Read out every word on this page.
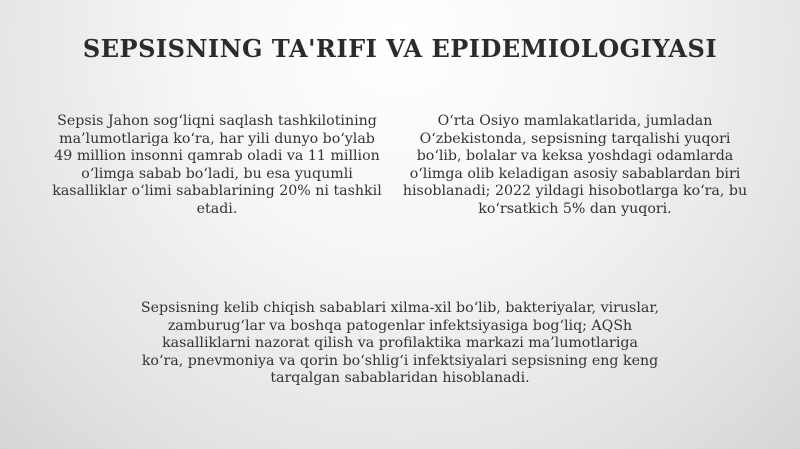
SEPSISNING TA'RIFI VA EPIDEMIOLOGIYASI

Sepsis Jahon sog‘liqni saqlash tashkilotining ma’lumotlariga ko‘ra, har yili dunyo bo‘ylab 49 million insonni qamrab oladi va 11 million o‘limga sabab bo‘ladi, bu esa yuqumli kasalliklar o‘limi sabablarining 20% ni tashkil etadi.

O‘rta Osiyo mamlakatlarida, jumladan O‘zbekistonda, sepsisning tarqalishi yuqori bo‘lib, bolalar va keksa yoshdagi odamlarda o‘limga olib keladigan asosiy sabablardan biri hisoblanadi; 2022 yildagi hisobotlarga ko‘ra, bu ko‘rsatkich 5% dan yuqori.

Sepsisning kelib chiqish sabablari xilma-xil bo‘lib, bakteriyalar, viruslar, zamburug‘lar va boshqa patogenlar infektsiyasiga bog‘liq; AQSh kasalliklarni nazorat qilish va profilaktika markazi ma’lumotlariga ko‘ra, pnevmoniya va qorin bo‘shlig‘i infektsiyalari sepsisning eng keng tarqalgan sabablaridan hisoblanadi.
